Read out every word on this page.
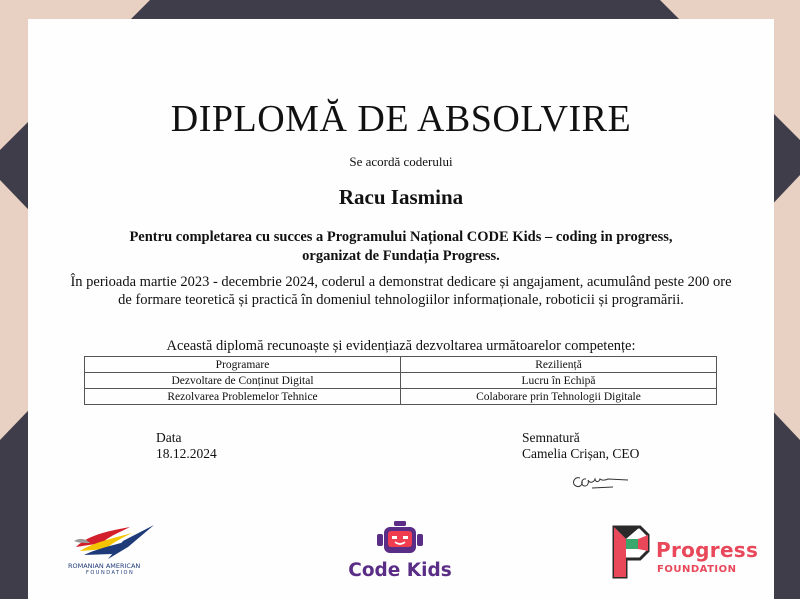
DIPLOMĂ DE ABSOLVIRE
Se acordă coderului
Racu Iasmina
Pentru completarea cu succes a Programului Național CODE Kids – coding in progress, organizat de Fundația Progress.
În perioada martie 2023 - decembrie 2024, coderul a demonstrat dedicare și angajament, acumulând peste 200 ore de formare teoretică și practică în domeniul tehnologiilor informaționale, roboticii și programării.
Această diplomă recunoaște și evidențiază dezvoltarea următoarelor competențe:
Programare	Reziliență
Dezvoltare de Conținut Digital	Lucru în Echipă
Rezolvarea Problemelor Tehnice	Colaborare prin Tehnologii Digitale
Data
18.12.2024
Semnatură
Camelia Crișan, CEO
ROMANIAN AMERICAN
FOUNDATION	Code Kids
Progress
FOUNDATION
